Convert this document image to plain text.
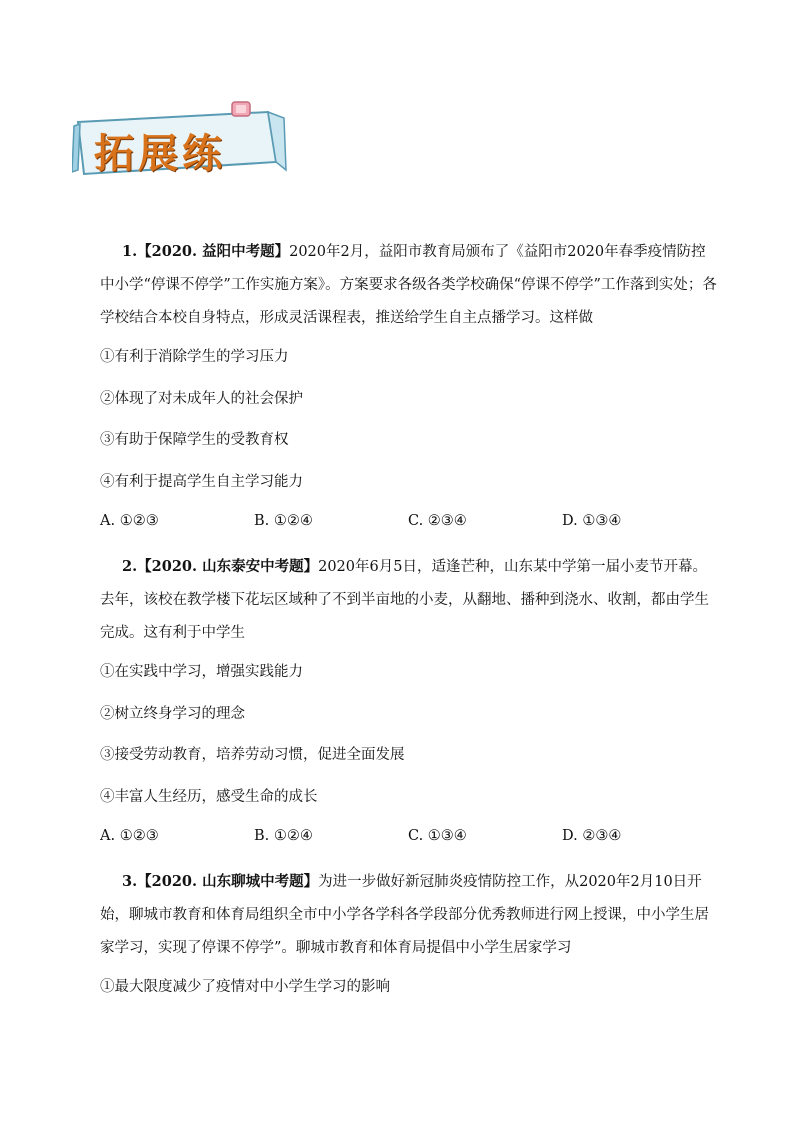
拓展练

1.【2020. 益阳中考题】2020年2月，益阳市教育局颁布了《益阳市2020年春季疫情防控中小学“停课不停学”工作实施方案》。方案要求各级各类学校确保“停课不停学”工作落到实处；各学校结合本校自身特点，形成灵活课程表，推送给学生自主点播学习。这样做

①有利于消除学生的学习压力

②体现了对未成年人的社会保护

③有助于保障学生的受教育权

④有利于提高学生自主学习能力

A. ①②③	B. ①②④	C. ②③④	D. ①③④

2.【2020. 山东泰安中考题】2020年6月5日，适逢芒种，山东某中学第一届小麦节开幕。去年，该校在教学楼下花坛区域种了不到半亩地的小麦，从翻地、播种到浇水、收割，都由学生完成。这有利于中学生

①在实践中学习，增强实践能力

②树立终身学习的理念

③接受劳动教育，培养劳动习惯，促进全面发展

④丰富人生经历，感受生命的成长

A. ①②③	B. ①②④	C. ①③④	D. ②③④

3.【2020. 山东聊城中考题】为进一步做好新冠肺炎疫情防控工作，从2020年2月10日开始，聊城市教育和体育局组织全市中小学各学科各学段部分优秀教师进行网上授课，中小学生居家学习，实现了停课不停学”。聊城市教育和体育局提倡中小学生居家学习

①最大限度减少了疫情对中小学生学习的影响
